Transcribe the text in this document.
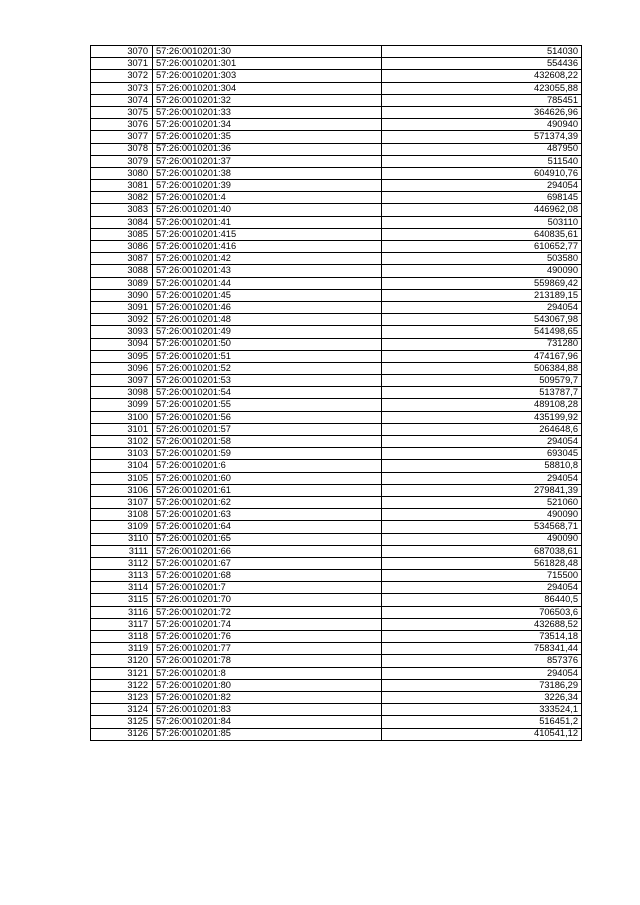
3070	57:26:0010201:30	514030
3071	57:26:0010201:301	554436
3072	57:26:0010201:303	432608,22
3073	57:26:0010201:304	423055,88
3074	57:26:0010201:32	785451
3075	57:26:0010201:33	364626,96
3076	57:26:0010201:34	490940
3077	57:26:0010201:35	571374,39
3078	57:26:0010201:36	487950
3079	57:26:0010201:37	511540
3080	57:26:0010201:38	604910,76
3081	57:26:0010201:39	294054
3082	57:26:0010201:4	698145
3083	57:26:0010201:40	446962,08
3084	57:26:0010201:41	503110
3085	57:26:0010201:415	640835,61
3086	57:26:0010201:416	610652,77
3087	57:26:0010201:42	503580
3088	57:26:0010201:43	490090
3089	57:26:0010201:44	559869,42
3090	57:26:0010201:45	213189,15
3091	57:26:0010201:46	294054
3092	57:26:0010201:48	543067,98
3093	57:26:0010201:49	541498,65
3094	57:26:0010201:50	731280
3095	57:26:0010201:51	474167,96
3096	57:26:0010201:52	506384,88
3097	57:26:0010201:53	509579,7
3098	57:26:0010201:54	513787,7
3099	57:26:0010201:55	489108,28
3100	57:26:0010201:56	435199,92
3101	57:26:0010201:57	264648,6
3102	57:26:0010201:58	294054
3103	57:26:0010201:59	693045
3104	57:26:0010201:6	58810,8
3105	57:26:0010201:60	294054
3106	57:26:0010201:61	279841,39
3107	57:26:0010201:62	521060
3108	57:26:0010201:63	490090
3109	57:26:0010201:64	534568,71
3110	57:26:0010201:65	490090
3111	57:26:0010201:66	687038,61
3112	57:26:0010201:67	561828,48
3113	57:26:0010201:68	715500
3114	57:26:0010201:7	294054
3115	57:26:0010201:70	86440,5
3116	57:26:0010201:72	706503,6
3117	57:26:0010201:74	432688,52
3118	57:26:0010201:76	73514,18
3119	57:26:0010201:77	758341,44
3120	57:26:0010201:78	857376
3121	57:26:0010201:8	294054
3122	57:26:0010201:80	73186,29
3123	57:26:0010201:82	3226,34
3124	57:26:0010201:83	333524,1
3125	57:26:0010201:84	516451,2
3126	57:26:0010201:85	410541,12
